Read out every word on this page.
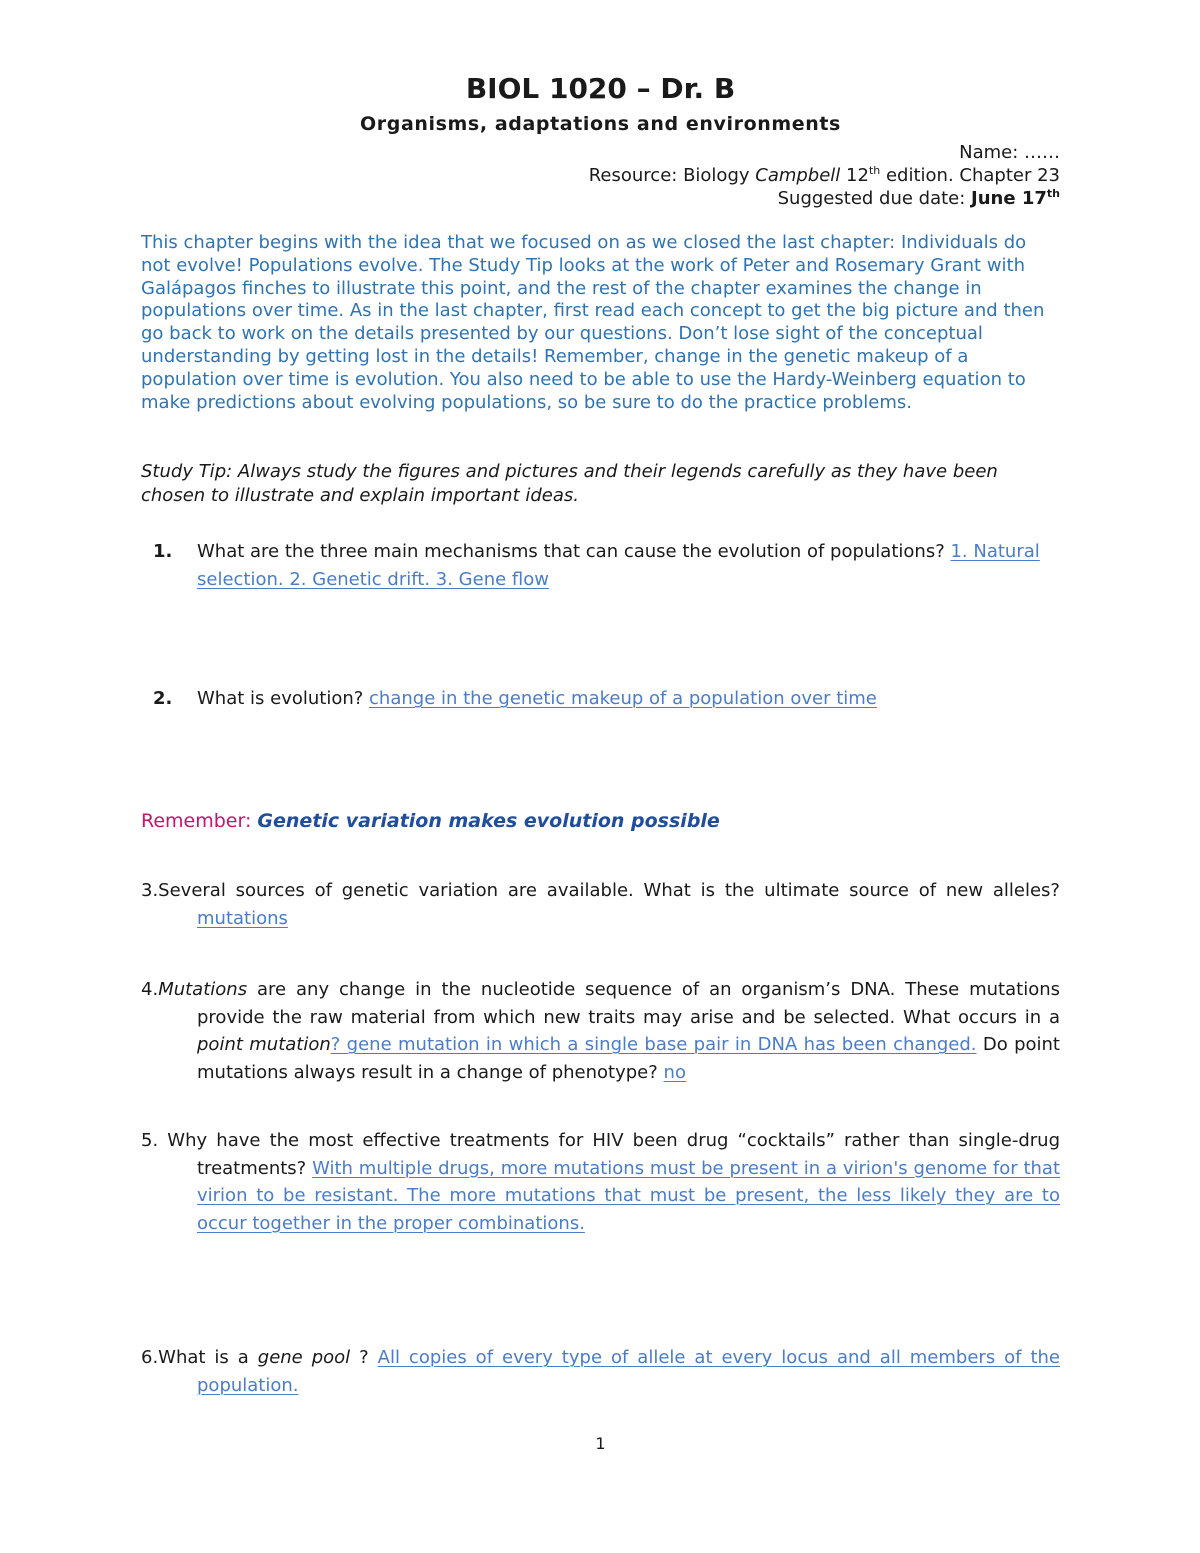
BIOL 1020 – Dr. B
Organisms, adaptations and environments
Name: ……
Resource: Biology Campbell 12th edition. Chapter 23
Suggested due date: June 17th
This chapter begins with the idea that we focused on as we closed the last chapter: Individuals do not evolve! Populations evolve. The Study Tip looks at the work of Peter and Rosemary Grant with Galápagos finches to illustrate this point, and the rest of the chapter examines the change in populations over time. As in the last chapter, first read each concept to get the big picture and then go back to work on the details presented by our questions. Don’t lose sight of the conceptual understanding by getting lost in the details! Remember, change in the genetic makeup of a population over time is evolution. You also need to be able to use the Hardy-Weinberg equation to make predictions about evolving populations, so be sure to do the practice problems.
Study Tip: Always study the figures and pictures and their legends carefully as they have been chosen to illustrate and explain important ideas.
1. What are the three main mechanisms that can cause the evolution of populations? 1. Natural selection. 2. Genetic drift. 3. Gene flow
2. What is evolution? change in the genetic makeup of a population over time
Remember: Genetic variation makes evolution possible
3.Several sources of genetic variation are available. What is the ultimate source of new alleles? mutations
4.Mutations are any change in the nucleotide sequence of an organism’s DNA. These mutations provide the raw material from which new traits may arise and be selected. What occurs in a point mutation? gene mutation in which a single base pair in DNA has been changed. Do point mutations always result in a change of phenotype? no
5. Why have the most effective treatments for HIV been drug “cocktails” rather than single-drug treatments? With multiple drugs, more mutations must be present in a virion's genome for that virion to be resistant. The more mutations that must be present, the less likely they are to occur together in the proper combinations.
6.What is a gene pool ? All copies of every type of allele at every locus and all members of the population.
1
